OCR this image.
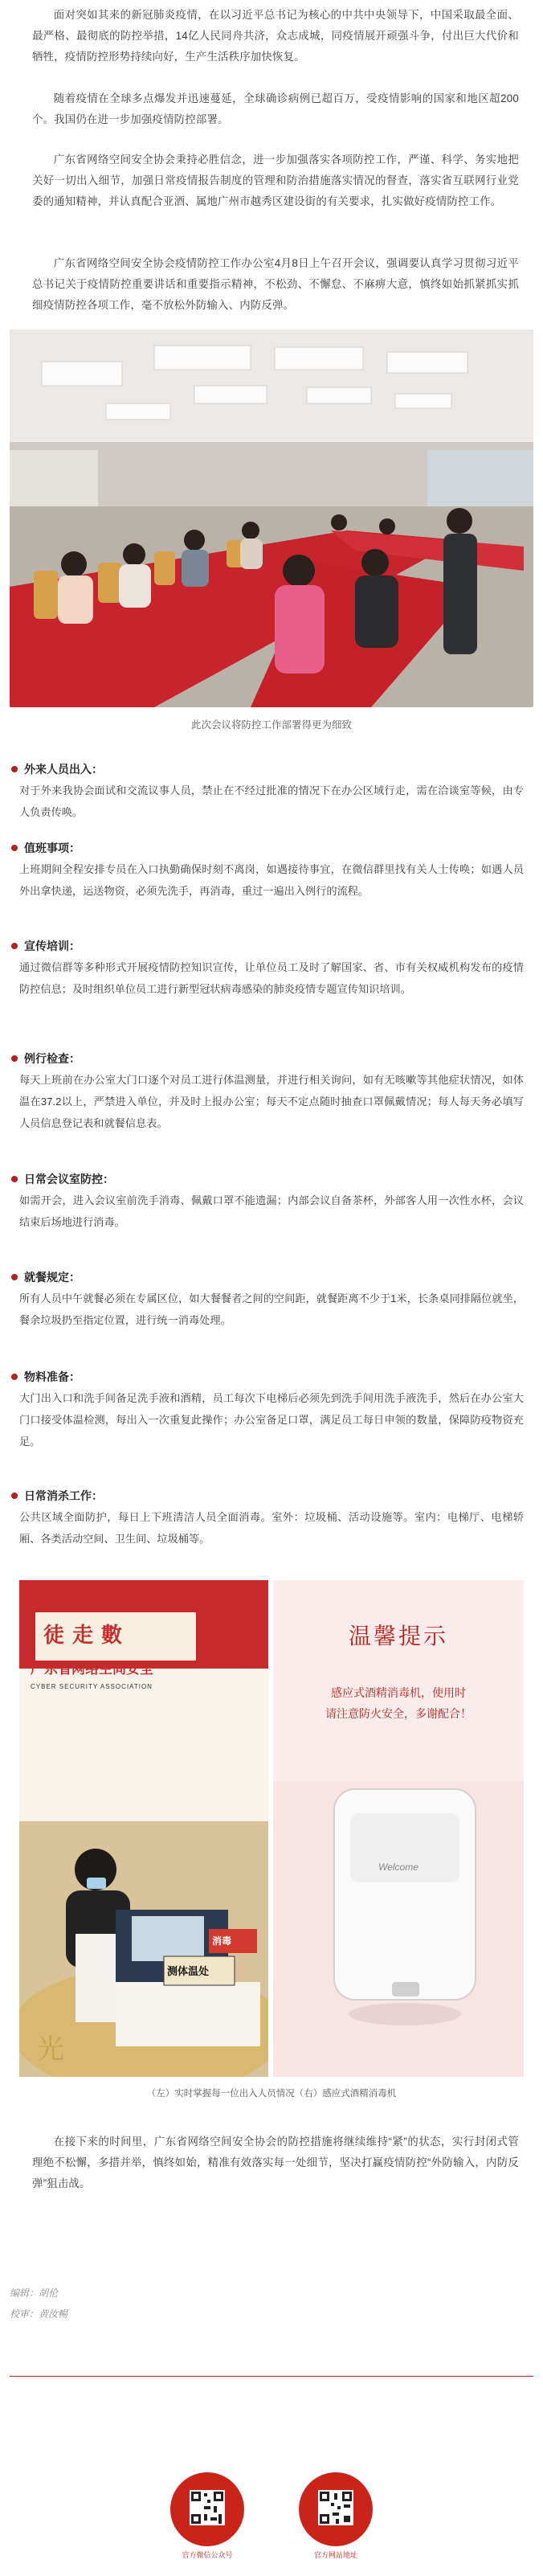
面对突如其来的新冠肺炎疫情，在以习近平总书记为核心的中共中央领导下，中国采取最全面、最严格、最彻底的防控举措，14亿人民同舟共济，众志成城，同疫情展开顽强斗争，付出巨大代价和牺牲，疫情防控形势持续向好，生产生活秩序加快恢复。

随着疫情在全球多点爆发并迅速蔓延，全球确诊病例已超百万，受疫情影响的国家和地区超200个。我国仍在进一步加强疫情防控部署。

广东省网络空间安全协会秉持必胜信念，进一步加强落实各项防控工作，严谨、科学、务实地把关好一切出入细节，加强日常疫情报告制度的管理和防治措施落实情况的督查，落实省互联网行业党委的通知精神，并认真配合亚酒、属地广州市越秀区建设街的有关要求，扎实做好疫情防控工作。

广东省网络空间安全协会疫情防控工作办公室4月8日上午召开会议，强调要认真学习贯彻习近平总书记关于疫情防控重要讲话和重要指示精神，不松劲、不懈怠、不麻痹大意，慎终如始抓紧抓实抓细疫情防控各项工作，毫不放松外防输入、内防反弹。

此次会议将防控工作部署得更为细致
外来人员出入：
对于外来我协会面试和交流议事人员，禁止在不经过批准的情况下在办公区域行走，需在洽谈室等候，由专人负责传唤。
值班事项：
上班期间全程安排专员在入口执勤确保时刻不离岗，如遇接待事宜，在微信群里找有关人士传唤；如遇人员外出拿快递，运送物资，必须先洗手，再消毒，重过一遍出入例行的流程。
宣传培训：
通过微信群等多种形式开展疫情防控知识宣传，让单位员工及时了解国家、省、市有关权威机构发布的疫情防控信息；及时组织单位员工进行新型冠状病毒感染的肺炎疫情专题宣传知识培训。
例行检查：
每天上班前在办公室大门口逐个对员工进行体温测量，并进行相关询问，如有无咳嗽等其他症状情况，如体温在37.2以上，严禁进入单位，并及时上报办公室；每天不定点随时抽查口罩佩戴情况；每人每天务必填写人员信息登记表和就餐信息表。
日常会议室防控：
如需开会，进入会议室前洗手消毒、佩戴口罩不能遗漏；内部会议自备茶杯，外部客人用一次性水杯，会议结束后场地进行消毒。
就餐规定：
所有人员中午就餐必须在专属区位，如大餐餐者之间的空间距，就餐距离不少于1米，长条桌同排隔位就坐，餐余垃圾扔至指定位置，进行统一消毒处理。
物料准备：
大门出入口和洗手间备足洗手液和酒精，员工每次下电梯后必须先到洗手间用洗手液洗手，然后在办公室大门口接受体温检测，每出入一次重复此操作；办公室备足口罩，满足员工每日申领的数量，保障防疫物资充足。
日常消杀工作：
公共区域全面防护，每日上下班清洁人员全面消毒。室外：垃圾桶、活动设施等。室内：电梯厅、电梯轿厢、各类活动空间、卫生间、垃圾桶等。
广东省网络空间安全
CYBER SECURITY ASSOCIATION
徒走數
测体温处
消毒
光
温馨提示
感应式酒精消毒机，使用时
请注意防火安全，多谢配合！
Welcome
（左）实时掌握每一位出入人员情况（右）感应式酒精消毒机

在接下来的时间里，广东省网络空间安全协会的防控措施将继续维持“紧”的状态，实行封闭式管理绝不松懈，多措并举，慎终如始，精准有效落实每一处细节，坚决打赢疫情防控“外防输入，内防反弹”狙击战。

编辑：胡伦
校审：黄汝暢
官方微信公众号	官方网站地址
